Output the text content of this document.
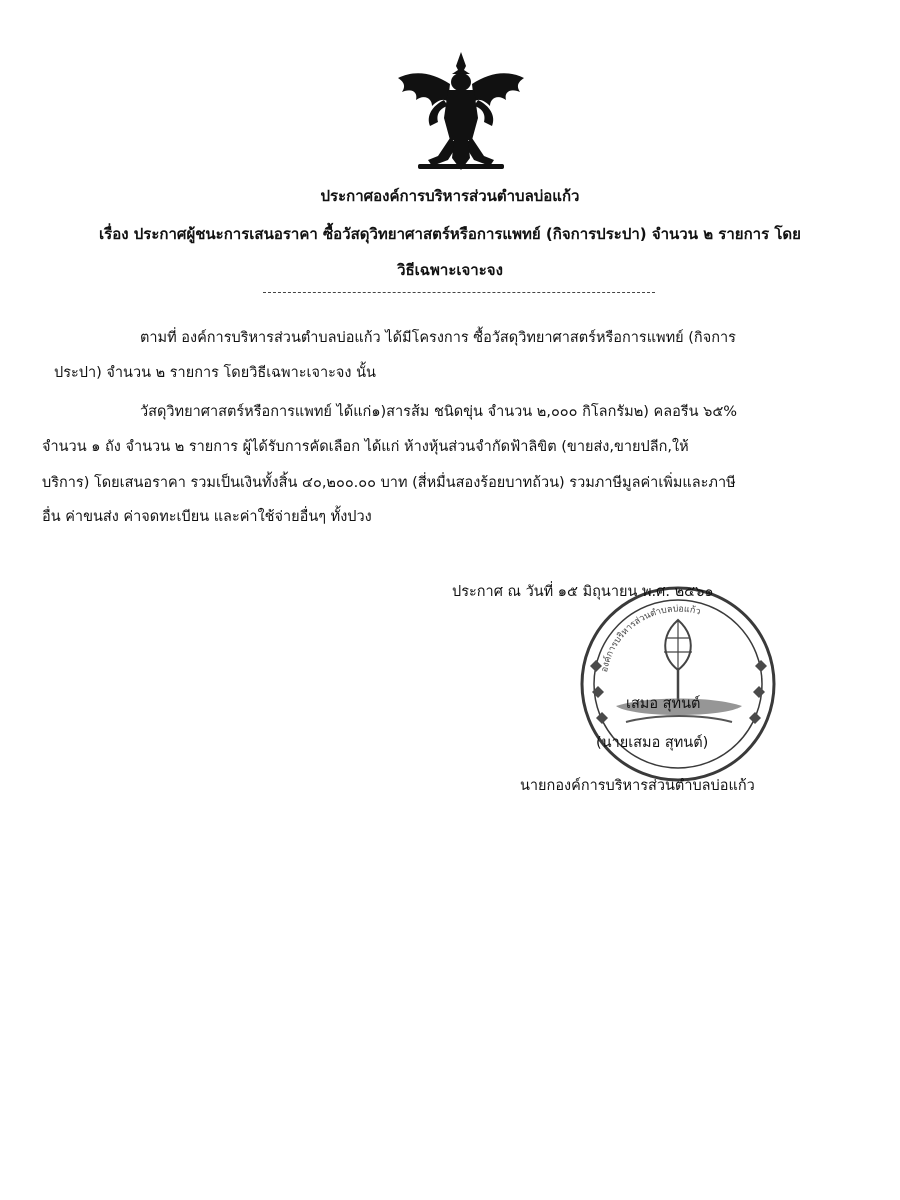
ประกาศองค์การบริหารส่วนตำบลบ่อแก้ว
เรื่อง ประกาศผู้ชนะการเสนอราคา ซื้อวัสดุวิทยาศาสตร์หรือการแพทย์ (กิจการประปา) จำนวน ๒ รายการ โดย
วิธีเฉพาะเจาะจง
ตามที่ องค์การบริหารส่วนตำบลบ่อแก้ว ได้มีโครงการ ซื้อวัสดุวิทยาศาสตร์หรือการแพทย์ (กิจการ
ประปา) จำนวน ๒ รายการ โดยวิธีเฉพาะเจาะจง นั้น
วัสดุวิทยาศาสตร์หรือการแพทย์ ได้แก่๑)สารส้ม ชนิดขุ่น จำนวน ๒,๐๐๐ กิโลกรัม๒) คลอรีน ๖๕%
จำนวน ๑ ถัง จำนวน ๒ รายการ ผู้ได้รับการคัดเลือก ได้แก่ ห้างหุ้นส่วนจำกัดฟ้าลิขิต (ขายส่ง,ขายปลีก,ให้
บริการ) โดยเสนอราคา รวมเป็นเงินทั้งสิ้น ๔๐,๒๐๐.๐๐ บาท (สี่หมื่นสองร้อยบาทถ้วน) รวมภาษีมูลค่าเพิ่มและภาษี
อื่น ค่าขนส่ง ค่าจดทะเบียน และค่าใช้จ่ายอื่นๆ ทั้งปวง
องค์การบริหารส่วนตำบลบ่อแก้ว
ประกาศ ณ วันที่ ๑๕ มิถุนายน พ.ศ. ๒๕๖๑
เสมอ สุทนต์
(นายเสมอ สุทนต์)
นายกองค์การบริหารส่วนตำบลบ่อแก้ว
